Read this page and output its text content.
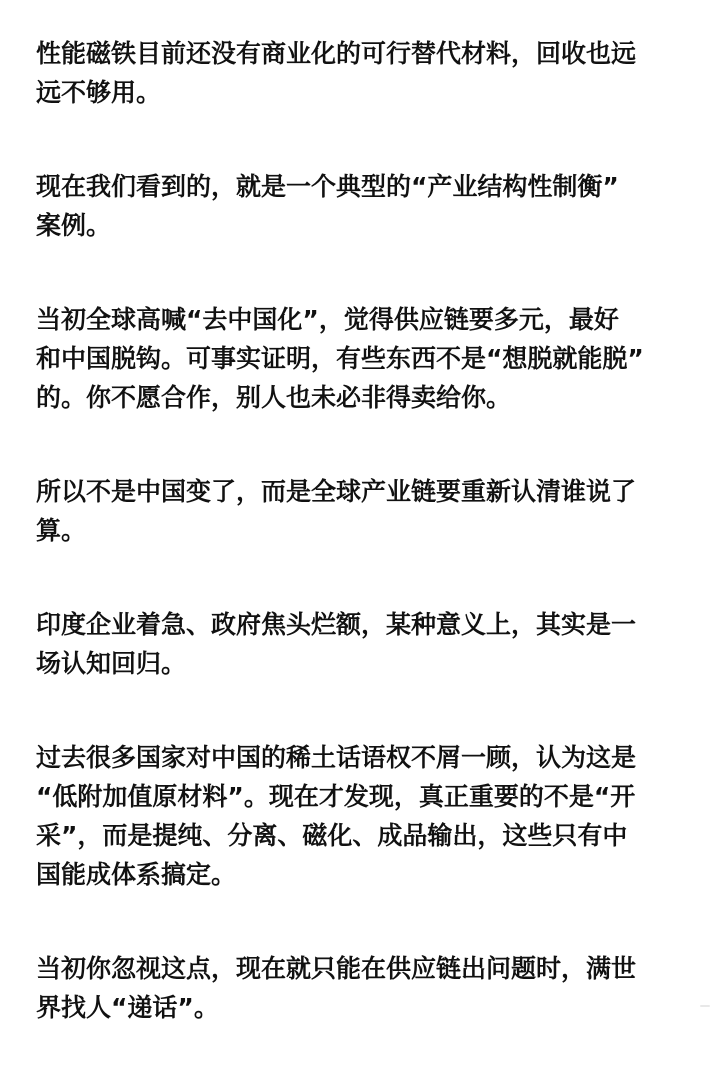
性能磁铁目前还没有商业化的可行替代材料，回收也远
远不够用。

现在我们看到的，就是一个典型的“产业结构性制衡”
案例。

当初全球高喊“去中国化”，觉得供应链要多元，最好
和中国脱钩。可事实证明，有些东西不是“想脱就能脱”
的。你不愿合作，别人也未必非得卖给你。

所以不是中国变了，而是全球产业链要重新认清谁说了
算。

印度企业着急、政府焦头烂额，某种意义上，其实是一
场认知回归。

过去很多国家对中国的稀土话语权不屑一顾，认为这是
“低附加值原材料”。现在才发现，真正重要的不是“开
采”，而是提纯、分离、磁化、成品输出，这些只有中
国能成体系搞定。

当初你忽视这点，现在就只能在供应链出问题时，满世
界找人“递话”。
